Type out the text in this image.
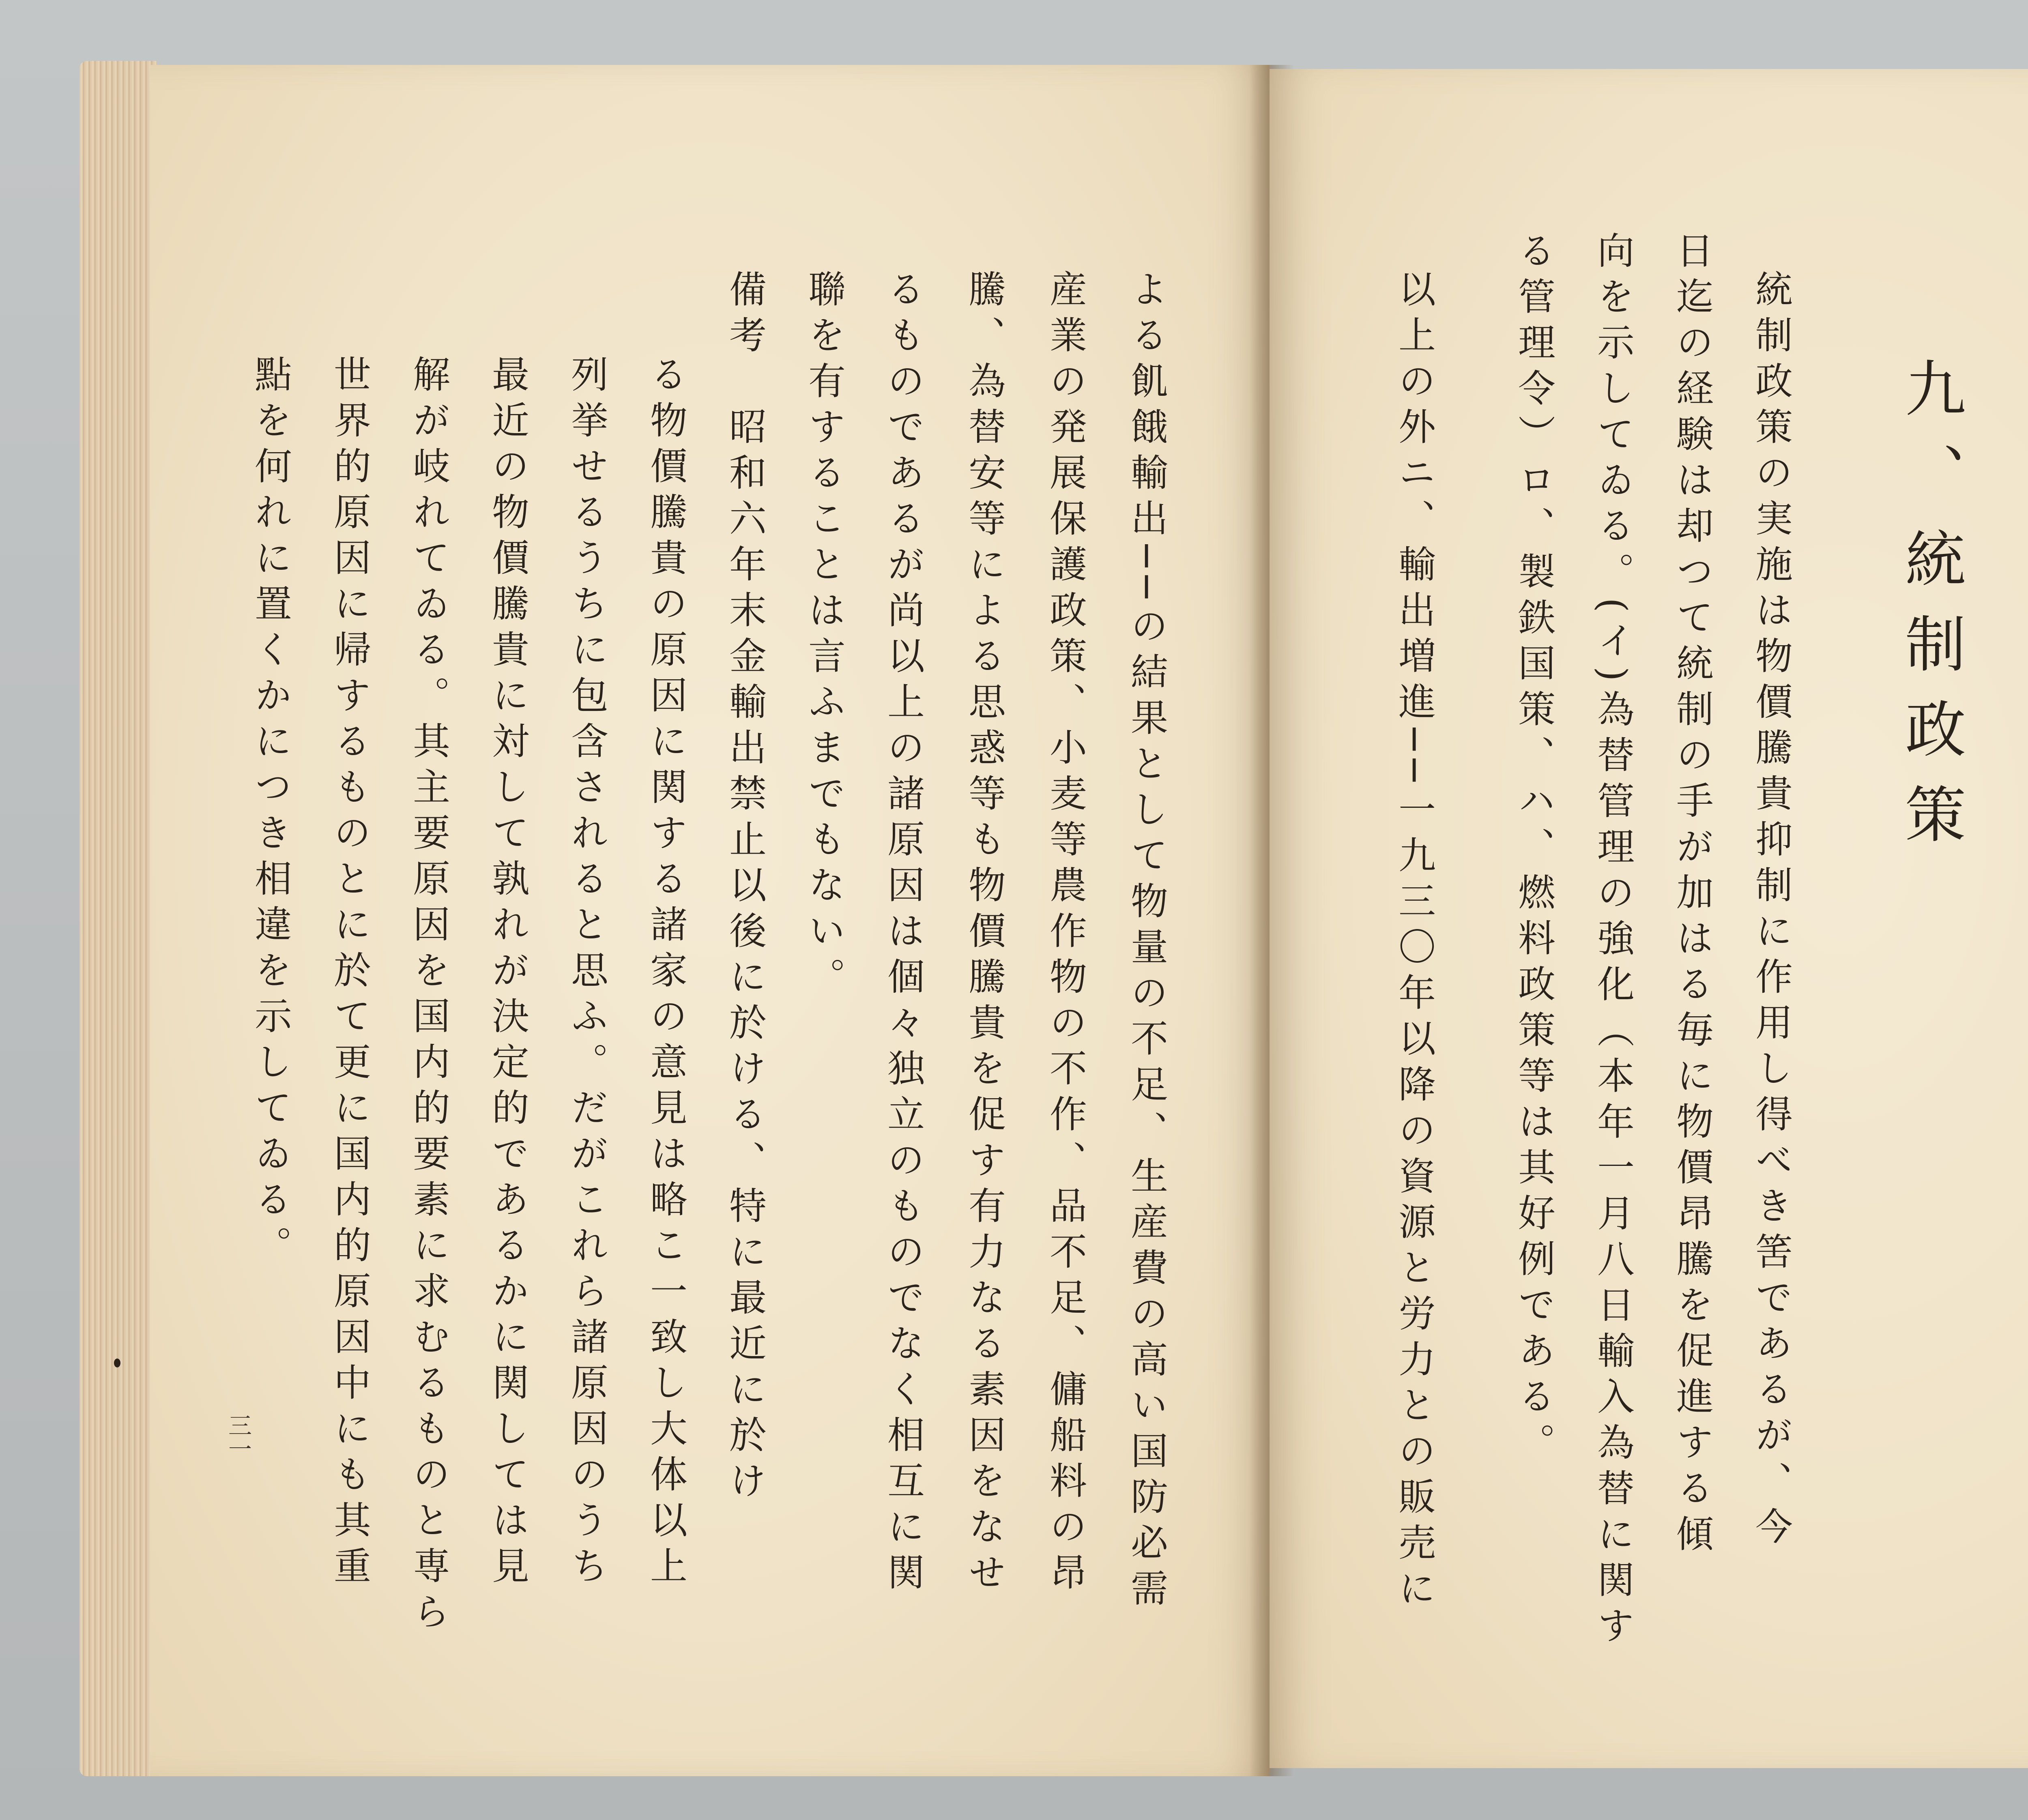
よる飢餓輸出──の結果として物量の不足、生産費の高い国防必需
産業の発展保護政策、小麦等農作物の不作、品不足、傭船料の昂
騰、為替安等による思惑等も物價騰貴を促す有力なる素因をなせ
るものであるが尚以上の諸原因は個々独立のものでなく相互に関
聯を有することは言ふまでもない。
備考　昭和六年末金輸出禁止以後に於ける、特に最近に於け
る物價騰貴の原因に関する諸家の意見は略こ一致し大体以上
列挙せるうちに包含されると思ふ。だがこれら諸原因のうち
最近の物價騰貴に対して孰れが決定的であるかに関しては見
解が岐れてゐる。其主要原因を国内的要素に求むるものと専ら
世界的原因に帰するものとに於て更に国内的原因中にも其重
點を何れに置くかにつき相違を示してゐる。
三一
九、統制政策
統制政策の実施は物價騰貴抑制に作用し得べき筈であるが、今
日迄の経験は却つて統制の手が加はる毎に物價昂騰を促進する傾
向を示してゐる。(イ)為替管理の強化（本年一月八日輸入為替に関す
る管理令）ロ、製鉄国策、ハ、燃料政策等は其好例である。
以上の外ニ、輸出増進──一九三〇年以降の資源と労力との販売に
